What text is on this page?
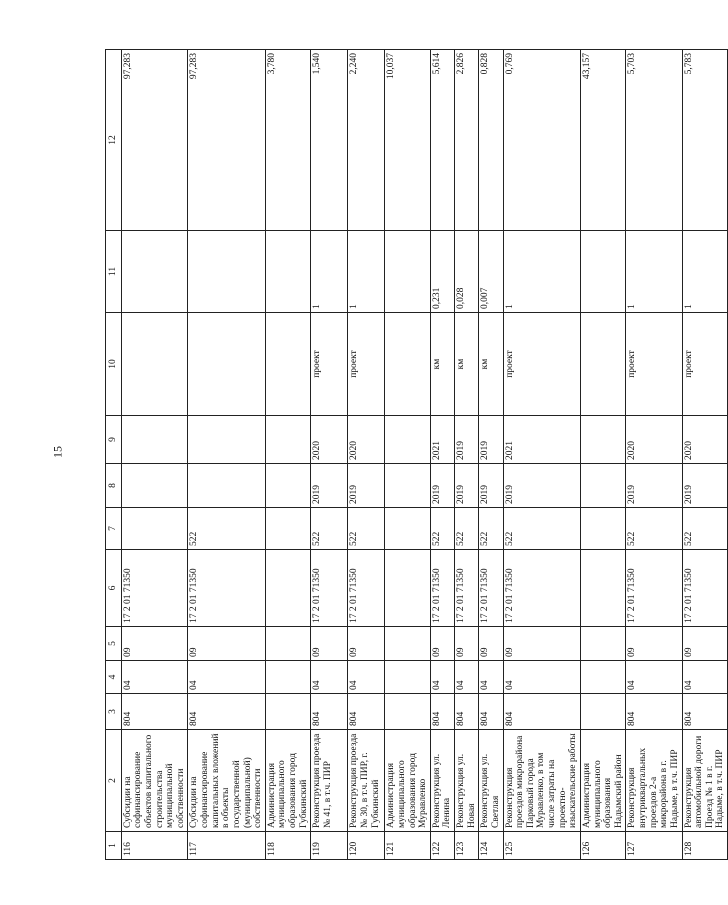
15
1	2	3	4	5	6	7	8	9	10	11	12
116	Субсидии на софинансирование объектов капитального строительства муниципальной собственности	804	04	09	17 2 01 71350						97,283
117	Субсидии на софинансирование капитальных вложений в объекты государственной (муниципальной) собственности	804	04	09	17 2 01 71350	522					97,283
118	Администрация муниципального образования город Губкинский										3,780
119	Реконструкция проезда № 41, в т.ч. ПИР	804	04	09	17 2 01 71350	522	2019	2020	проект	1	1,540
120	Реконструкция проезда № 30, в т.ч. ПИР, г. Губкинский	804	04	09	17 2 01 71350	522	2019	2020	проект	1	2,240
121	Администрация муниципального образования город Муравленко										10,037
122	Реконструкция ул. Ленина	804	04	09	17 2 01 71350	522	2019	2021	км	0,231	5,614
123	Реконструкция ул. Новая	804	04	09	17 2 01 71350	522	2019	2019	км	0,028	2,826
124	Реконструкция ул. Светлая	804	04	09	17 2 01 71350	522	2019	2019	км	0,007	0,828
125	Реконструкция проездов микрорайона Парковый города Муравленко, в том числе затраты на проектно-изыскательские работы	804	04	09	17 2 01 71350	522	2019	2021	проект	1	0,769
126	Администрация муниципального образования Надымский район										43,157
127	Реконструкция внутриквартальных проездов 2-а микрорайона в г. Надыме, в т.ч. ПИР	804	04	09	17 2 01 71350	522	2019	2020	проект	1	5,703
128	Реконструкция автомобильной дороги Проезд № 1 в г. Надыме, в т.ч. ПИР	804	04	09	17 2 01 71350	522	2019	2020	проект	1	5,783
